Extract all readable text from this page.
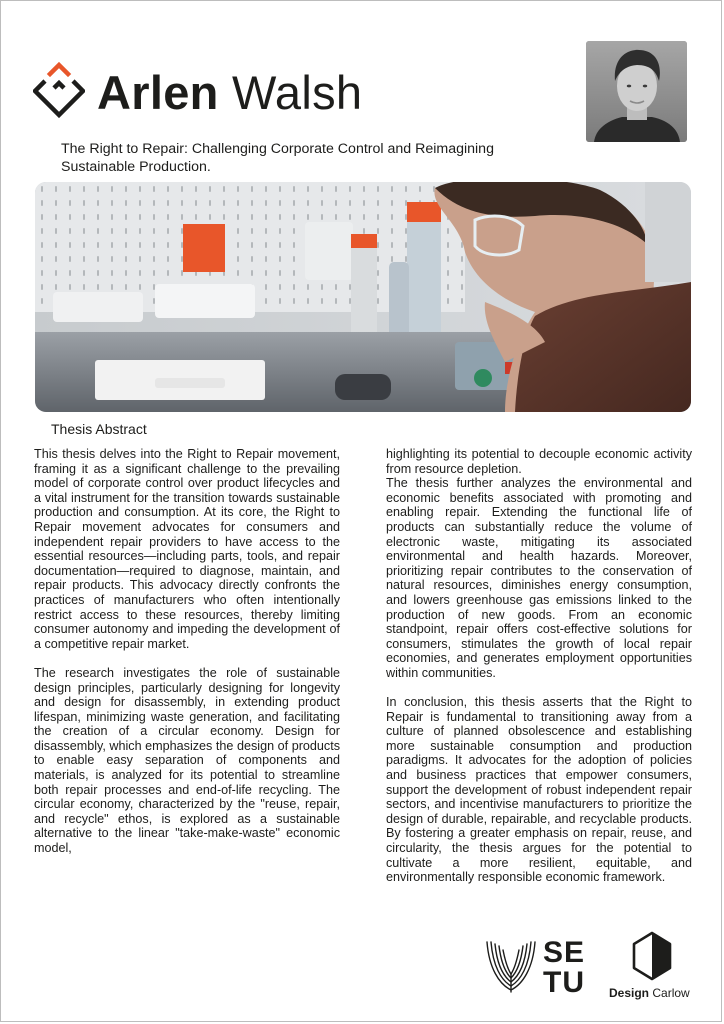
Arlen Walsh
The Right to Repair: Challenging Corporate Control and Reimagining Sustainable Production.
Thesis Abstract

This thesis delves into the Right to Repair movement, framing it as a significant challenge to the prevailing model of corporate control over product lifecycles and a vital instrument for the transition towards sustainable production and consumption. At its core, the Right to Repair movement advocates for consumers and independent repair providers to have access to the essential resources—including parts, tools, and repair documentation—required to diagnose, maintain, and repair products. This advocacy directly confronts the practices of manufacturers who often intentionally restrict access to these resources, thereby limiting consumer autonomy and impeding the development of a competitive repair market.

The research investigates the role of sustainable design principles, particularly designing for longevity and design for disassembly, in extending product lifespan, minimizing waste generation, and facilitating the creation of a circular economy. Design for disassembly, which emphasizes the design of products to enable easy separation of components and materials, is analyzed for its potential to streamline both repair processes and end-of-life recycling. The circular economy, characterized by the "reuse, repair, and recycle" ethos, is explored as a sustainable alternative to the linear "take-make-waste" economic model,

highlighting its potential to decouple economic activity from resource depletion.

The thesis further analyzes the environmental and economic benefits associated with promoting and enabling repair. Extending the functional life of products can substantially reduce the volume of electronic waste, mitigating its associated environmental and health hazards. Moreover, prioritizing repair contributes to the conservation of natural resources, diminishes energy consumption, and lowers greenhouse gas emissions linked to the production of new goods. From an economic standpoint, repair offers cost-effective solutions for consumers, stimulates the growth of local repair economies, and generates employment opportunities within communities.

In conclusion, this thesis asserts that the Right to Repair is fundamental to transitioning away from a culture of planned obsolescence and establishing more sustainable consumption and production paradigms. It advocates for the adoption of policies and business practices that empower consumers, support the development of robust independent repair sectors, and incentivise manufacturers to prioritize the design of durable, repairable, and recyclable products. By fostering a greater emphasis on repair, reuse, and circularity, the thesis argues for the potential to cultivate a more resilient, equitable, and environmentally responsible economic framework.

SE
TU Design Carlow
